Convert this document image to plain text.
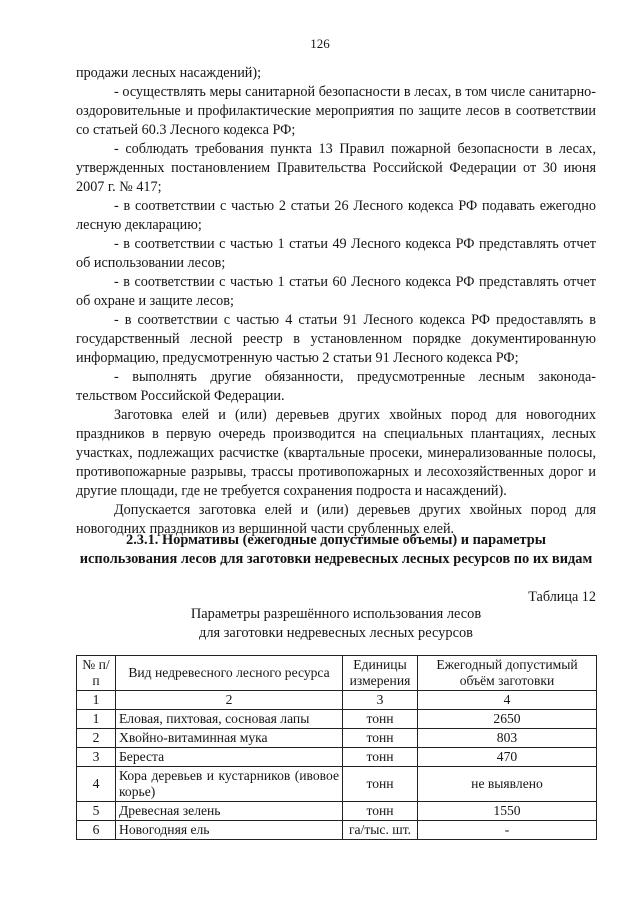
126

продажи лесных насаждений);

- осуществлять меры санитарной безопасности в лесах, в том числе санитарно-оздоровительные и профилактические мероприятия по защите лесов в соответствии со статьей 60.3 Лесного кодекса РФ;

- соблюдать требования пункта 13 Правил пожарной безопасности в лесах, утвержденных постановлением Правительства Российской Федерации от 30 июня 2007 г. № 417;

- в соответствии с частью 2 статьи 26 Лесного кодекса РФ подавать ежегодно лесную декларацию;

- в соответствии с частью 1 статьи 49 Лесного кодекса РФ представлять отчет об использовании лесов;

- в соответствии с частью 1 статьи 60 Лесного кодекса РФ представлять отчет об охране и защите лесов;

- в соответствии с частью 4 статьи 91 Лесного кодекса РФ предоставлять в государственный лесной реестр в установленном порядке документированную информацию, предусмотренную частью 2 статьи 91 Лесного кодекса РФ;

- выполнять другие обязанности, предусмотренные лесным законода-тельством Российской Федерации.

Заготовка елей и (или) деревьев других хвойных пород для новогодних праздников в первую очередь производится на специальных плантациях, лесных участках, подлежащих расчистке (квартальные просеки, минерализованные полосы, противопожарные разрывы, трассы противопожарных и лесохозяйственных дорог и другие площади, где не требуется сохранения подроста и насаждений).

Допускается заготовка елей и (или) деревьев других хвойных пород для новогодних праздников из вершинной части срубленных елей.

2.3.1. Нормативы (ежегодные допустимые объемы) и параметры использования лесов для заготовки недревесных лесных ресурсов по их видам
Таблица 12
Параметры разрешённого использования лесов
для заготовки недревесных лесных ресурсов
№ п/п	Вид недревесного лесного ресурса	Единицы измерения	Ежегодный допустимый объём заготовки
1	2	3	4
1	Еловая, пихтовая, сосновая лапы	тонн	2650
2	Хвойно-витаминная мука	тонн	803
3	Береста	тонн	470
4	Кора деревьев и кустарников (ивовое корье)	тонн	не выявлено
5	Древесная зелень	тонн	1550
6	Новогодняя ель	га/тыс. шт.	-
